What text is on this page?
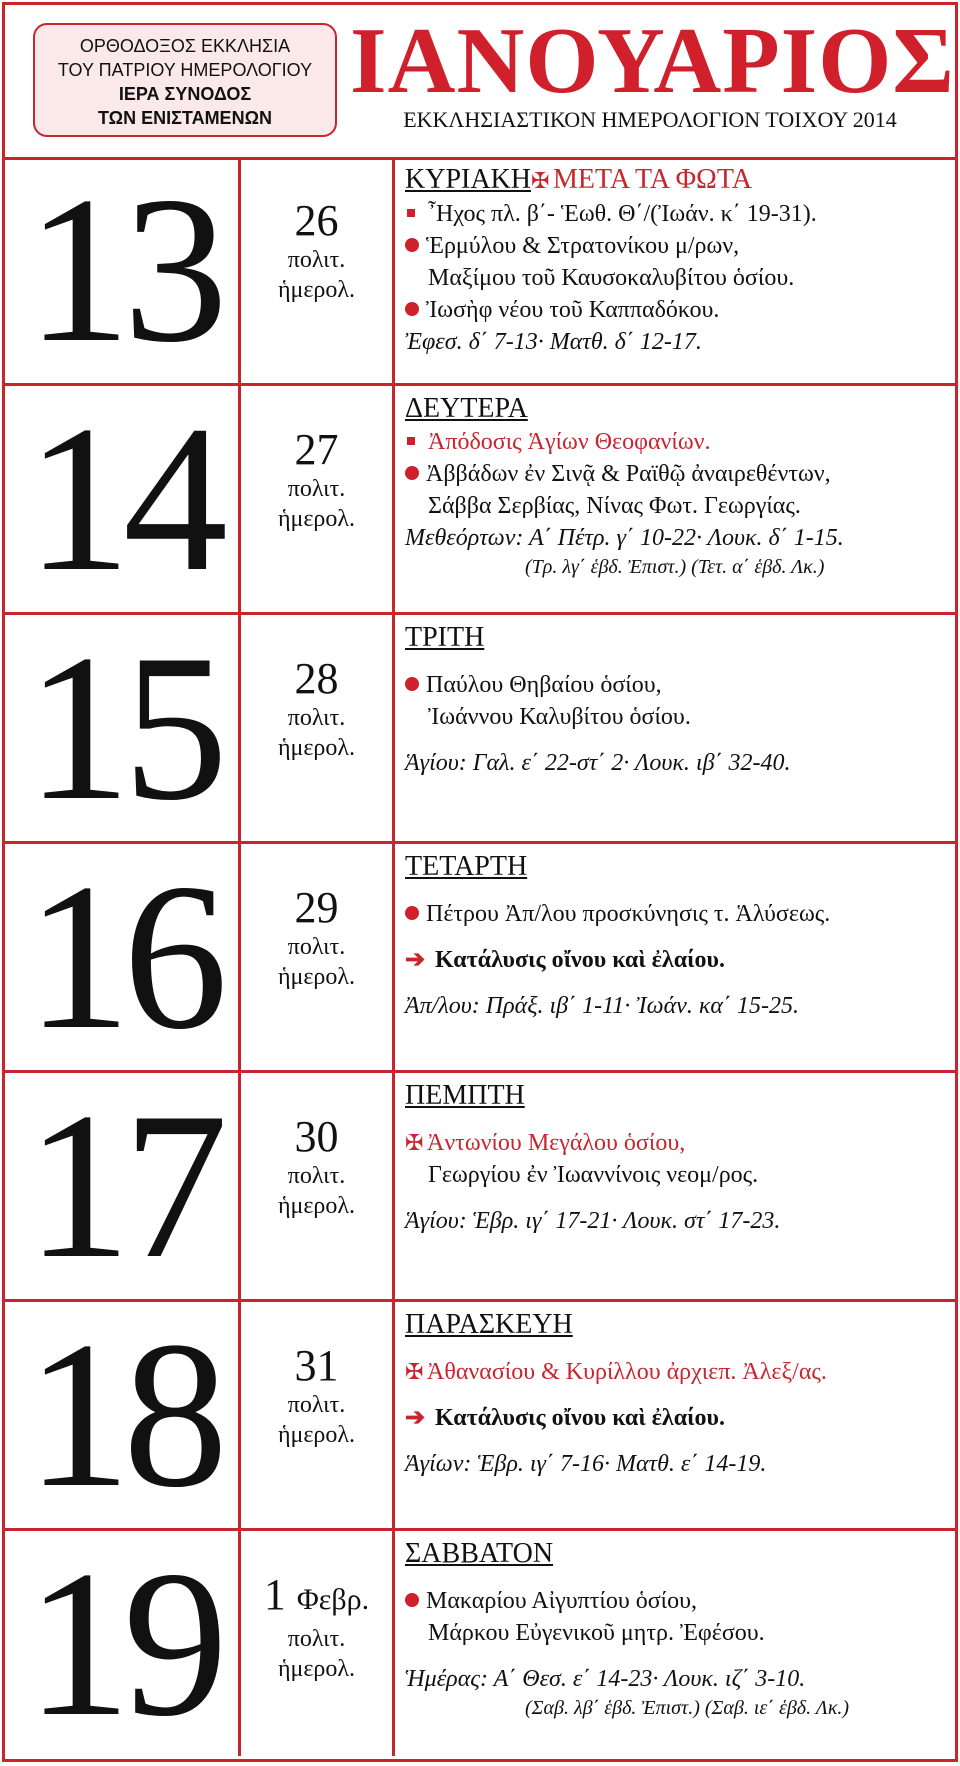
ΟΡΘΟΔΟΞΟΣ ΕΚΚΛΗΣΙΑ
ΤΟΥ ΠΑΤΡΙΟΥ ΗΜΕΡΟΛΟΓΙΟΥ
ΙΕΡΑ ΣΥΝΟΔΟΣ
ΤΩΝ ΕΝΙΣΤΑΜΕΝΩΝ
ΙΑΝΟΥΑΡΙΟΣ
ΕΚΚΛΗΣΙΑΣΤΙΚΟΝ ΗΜΕΡΟΛΟΓΙΟΝ ΤΟΙΧΟΥ 2014
13	26
πολιτ.
ἡμερολ.
ΚΥΡΙΑΚΗ✠ ΜΕΤΑ ΤΑ ΦΩΤΑ
῏Ηχος πλ. β΄- Ἑωθ. Θ΄/(Ἰωάν. κ΄ 19-31).
Ἑρμύλου & Στρατονίκου μ/ρων,
Μαξίμου τοῦ Καυσοκαλυβίτου ὁσίου.
Ἰωσὴφ νέου τοῦ Καππαδόκου.
Ἐφεσ. δ΄ 7-13· Ματθ. δ΄ 12-17.
14	27
πολιτ.
ἡμερολ.
ΔΕΥΤΕΡΑ
Ἀπόδοσις Ἁγίων Θεοφανίων.
Ἀββάδων ἐν Σινᾷ & Ραϊθῷ ἀναιρεθέντων,
Σάββα Σερβίας, Νίνας Φωτ. Γεωργίας.
Μεθεόρτων: Α΄ Πέτρ. γ΄ 10-22· Λουκ. δ΄ 1-15.
(Τρ. λγ΄ ἑβδ. Ἐπιστ.) (Τετ. α΄ ἑβδ. Λκ.)
15	28
πολιτ.
ἡμερολ.
ΤΡΙΤΗ
Παύλου Θηβαίου ὁσίου,
Ἰωάννου Καλυβίτου ὁσίου.
Ἁγίου: Γαλ. ε΄ 22-στ΄ 2· Λουκ. ιβ΄ 32-40.
16	29
πολιτ.
ἡμερολ.
ΤΕΤΑΡΤΗ
Πέτρου Ἀπ/λου προσκύνησις τ. Ἁλύσεως.
➔ Κατάλυσις οἴνου καὶ ἐλαίου.
Ἀπ/λου: Πράξ. ιβ΄ 1-11· Ἰωάν. κα΄ 15-25.
17	30
πολιτ.
ἡμερολ.
ΠΕΜΠΤΗ
✠ Ἀντωνίου Μεγάλου ὁσίου,
Γεωργίου ἐν Ἰωαννίνοις νεομ/ρος.
Ἁγίου: Ἑβρ. ιγ΄ 17-21· Λουκ. στ΄ 17-23.
18	31
πολιτ.
ἡμερολ.
ΠΑΡΑΣΚΕΥΗ
✠ Ἀθανασίου & Κυρίλλου ἀρχιεπ. Ἀλεξ/ας.
➔ Κατάλυσις οἴνου καὶ ἐλαίου.
Ἁγίων: Ἑβρ. ιγ΄ 7-16· Ματθ. ε΄ 14-19.
19 1 Φεβρ.
πολιτ.
ἡμερολ.
ΣΑΒΒΑΤΟΝ
Μακαρίου Αἰγυπτίου ὁσίου,
Μάρκου Εὐγενικοῦ μητρ. Ἐφέσου.
Ἡμέρας: Α΄ Θεσ. ε΄ 14-23· Λουκ. ιζ΄ 3-10.
(Σαβ. λβ΄ ἑβδ. Ἐπιστ.) (Σαβ. ιε΄ ἑβδ. Λκ.)
